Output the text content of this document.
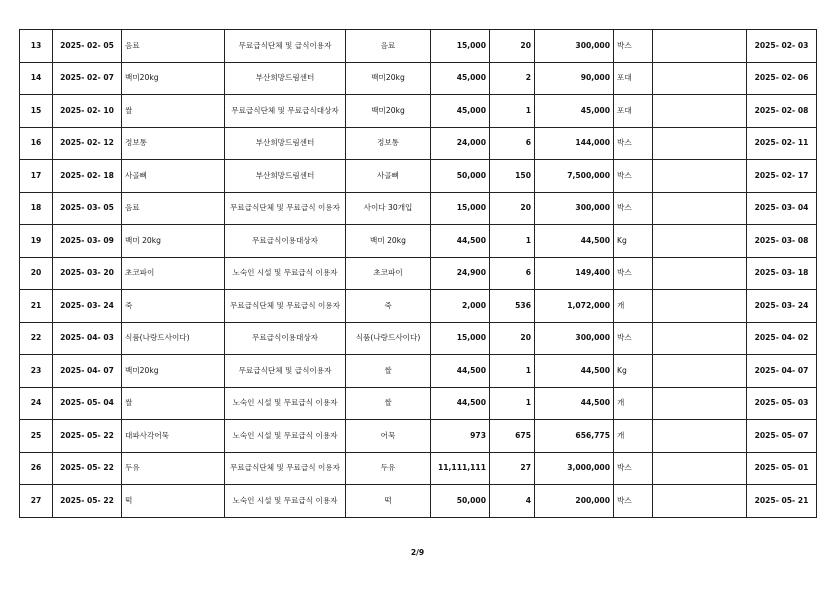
13	2025- 02- 05	음료	무료급식단체 및 급식이용자	음료	15,000	20	300,000	박스		2025- 02- 03
14	2025- 02- 07	백미20kg	부산희망드림센터	백미20kg	45,000	2	90,000	포대		2025- 02- 06
15	2025- 02- 10	쌀	무료급식단체 및 무료급식대상자	백미20kg	45,000	1	45,000	포대		2025- 02- 08
16	2025- 02- 12	정보통	부산희망드림센터	정보통	24,000	6	144,000	박스		2025- 02- 11
17	2025- 02- 18	사골뼈	부산희망드림센터	사골뼈	50,000	150	7,500,000	박스		2025- 02- 17
18	2025- 03- 05	음료	무료급식단체 및 무료급식 이용자	사이다 30개입	15,000	20	300,000	박스		2025- 03- 04
19	2025- 03- 09	백미 20kg	무료급식이용대상자	백미 20kg	44,500	1	44,500	Kg		2025- 03- 08
20	2025- 03- 20	초코파이	노숙인 시설 및 무료급식 이용자	초코파이	24,900	6	149,400	박스		2025- 03- 18
21	2025- 03- 24	죽	무료급식단체 및 무료급식 이용자	죽	2,000	536	1,072,000	개		2025- 03- 24
22	2025- 04- 03	식품(나랑드사이다)	무료급식이용대상자	식품(나랑드사이다)	15,000	20	300,000	박스		2025- 04- 02
23	2025- 04- 07	백미20kg	무료급식단체 및 급식이용자	쌀	44,500	1	44,500	Kg		2025- 04- 07
24	2025- 05- 04	쌀	노숙인 시설 및 무료급식 이용자	쌀	44,500	1	44,500	개		2025- 05- 03
25	2025- 05- 22	대파사각어묵	노숙인 시설 및 무료급식 이용자	어묵	973	675	656,775	개		2025- 05- 07
26	2025- 05- 22	두유	무료급식단체 및 무료급식 이용자	두유	11,111,111	27	3,000,000	박스		2025- 05- 01
27	2025- 05- 22	떡	노숙인 시설 및 무료급식 이용자	떡	50,000	4	200,000	박스		2025- 05- 21
2/9
